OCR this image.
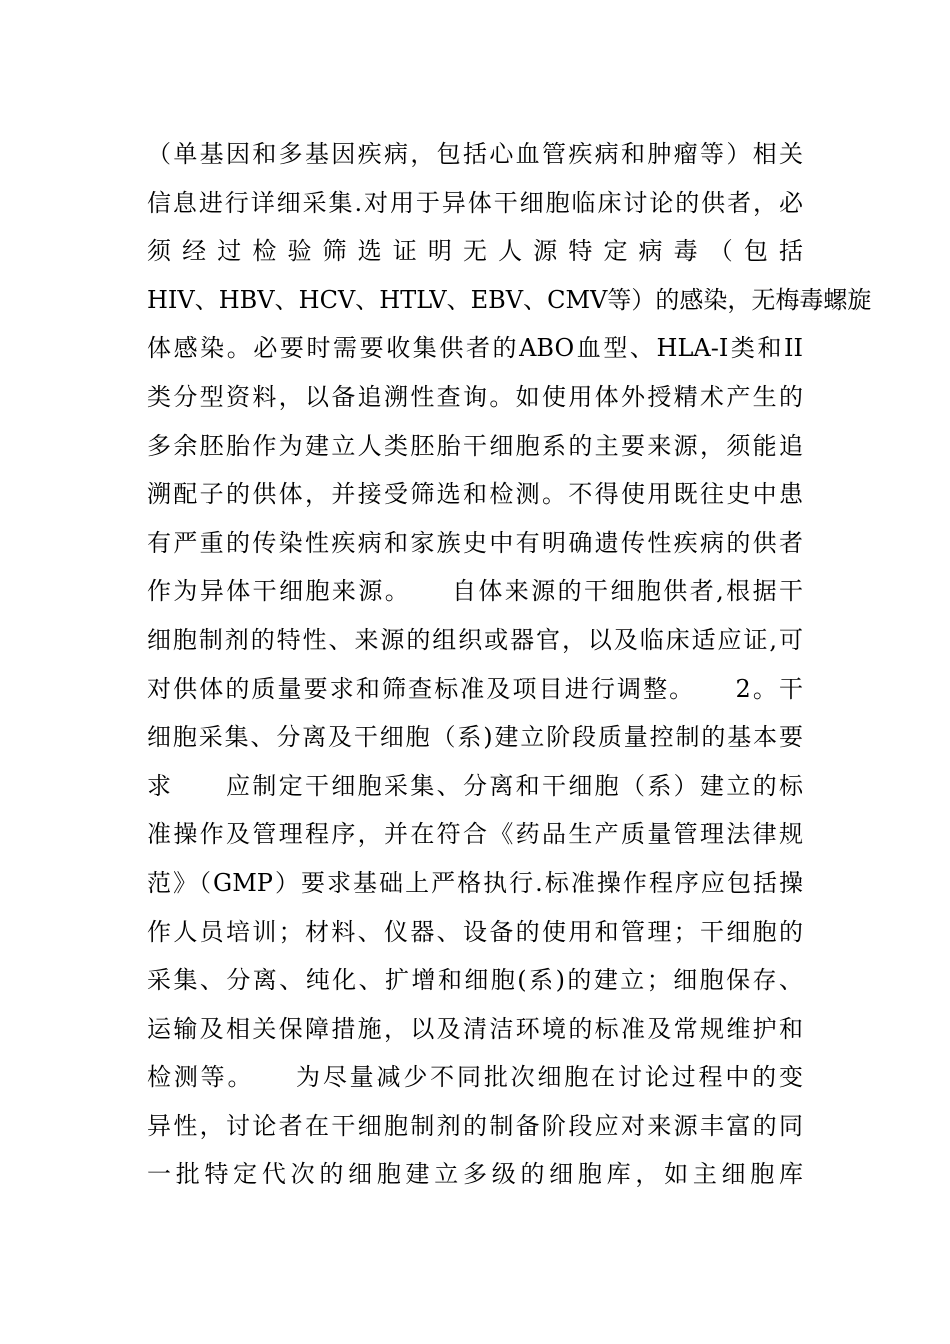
（单基因和多基因疾病，包括心血管疾病和肿瘤等）相关
信息进行详细采集.对用于异体干细胞临床讨论的供者，必
须经过检验筛选证明无人源特定病毒（包括
HIV、HBV、HCV、HTLV、EBV、CMV等）的感染，无梅毒螺旋
体感染。必要时需要收集供者的ABO血型、HLA-I类和II
类分型资料，以备追溯性查询。如使用体外授精术产生的
多余胚胎作为建立人类胚胎干细胞系的主要来源，须能追
溯配子的供体，并接受筛选和检测。不得使用既往史中患
有严重的传染性疾病和家族史中有明确遗传性疾病的供者
作为异体干细胞来源。　　自体来源的干细胞供者,根据干
细胞制剂的特性、来源的组织或器官，以及临床适应证,可
对供体的质量要求和筛查标准及项目进行调整。　　2。干
细胞采集、分离及干细胞（系)建立阶段质量控制的基本要
求　　应制定干细胞采集、分离和干细胞（系）建立的标
准操作及管理程序，并在符合《药品生产质量管理法律规
范》（GMP）要求基础上严格执行.标准操作程序应包括操
作人员培训；材料、仪器、设备的使用和管理；干细胞的
采集、分离、纯化、扩增和细胞(系)的建立；细胞保存、
运输及相关保障措施，以及清洁环境的标准及常规维护和
检测等。　　为尽量减少不同批次细胞在讨论过程中的变
异性，讨论者在干细胞制剂的制备阶段应对来源丰富的同
一批特定代次的细胞建立多级的细胞库，如主细胞库
